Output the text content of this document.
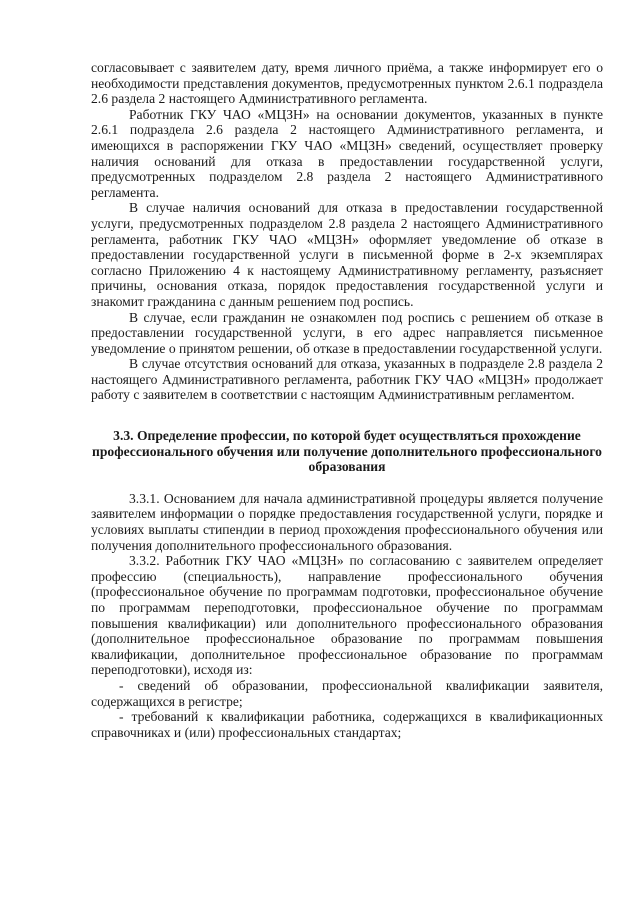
согласовывает с заявителем дату, время личного приёма, а также информирует его о необходимости представления документов, предусмотренных пунктом 2.6.1 подраздела 2.6 раздела 2 настоящего Административного регламента.

Работник ГКУ ЧАО «МЦЗН» на основании документов, указанных в пункте 2.6.1 подраздела 2.6 раздела 2 настоящего Административного регламента, и имеющихся в распоряжении ГКУ ЧАО «МЦЗН» сведений, осуществляет проверку наличия оснований для отказа в предоставлении государственной услуги, предусмотренных подразделом 2.8 раздела 2 настоящего Административного регламента.

В случае наличия оснований для отказа в предоставлении государственной услуги, предусмотренных подразделом 2.8 раздела 2 настоящего Административного регламента, работник ГКУ ЧАО «МЦЗН» оформляет уведомление об отказе в предоставлении государственной услуги в письменной форме в 2-х экземплярах согласно Приложению 4 к настоящему Административному регламенту, разъясняет причины, основания отказа, порядок предоставления государственной услуги и знакомит гражданина с данным решением под роспись.

В случае, если гражданин не ознакомлен под роспись с решением об отказе в предоставлении государственной услуги, в его адрес направляется письменное уведомление о принятом решении, об отказе в предоставлении государственной услуги.

В случае отсутствия оснований для отказа, указанных в подразделе 2.8 раздела 2 настоящего Административного регламента, работник ГКУ ЧАО «МЦЗН» продолжает работу с заявителем в соответствии с настоящим Административным регламентом.

3.3. Определение профессии, по которой будет осуществляться прохождение профессионального обучения или получение дополнительного профессионального образования

3.3.1. Основанием для начала административной процедуры является получение заявителем информации о порядке предоставления государственной услуги, порядке и условиях выплаты стипендии в период прохождения профессионального обучения или получения дополнительного профессионального образования.

3.3.2. Работник ГКУ ЧАО «МЦЗН» по согласованию с заявителем определяет профессию (специальность), направление профессионального обучения (профессиональное обучение по программам подготовки, профессиональное обучение по программам переподготовки, профессиональное обучение по программам повышения квалификации) или дополнительного профессионального образования (дополнительное профессиональное образование по программам повышения квалификации, дополнительное профессиональное образование по программам переподготовки), исходя из:

- сведений об образовании, профессиональной квалификации заявителя, содержащихся в регистре;

- требований к квалификации работника, содержащихся в квалификационных справочниках и (или) профессиональных стандартах;
